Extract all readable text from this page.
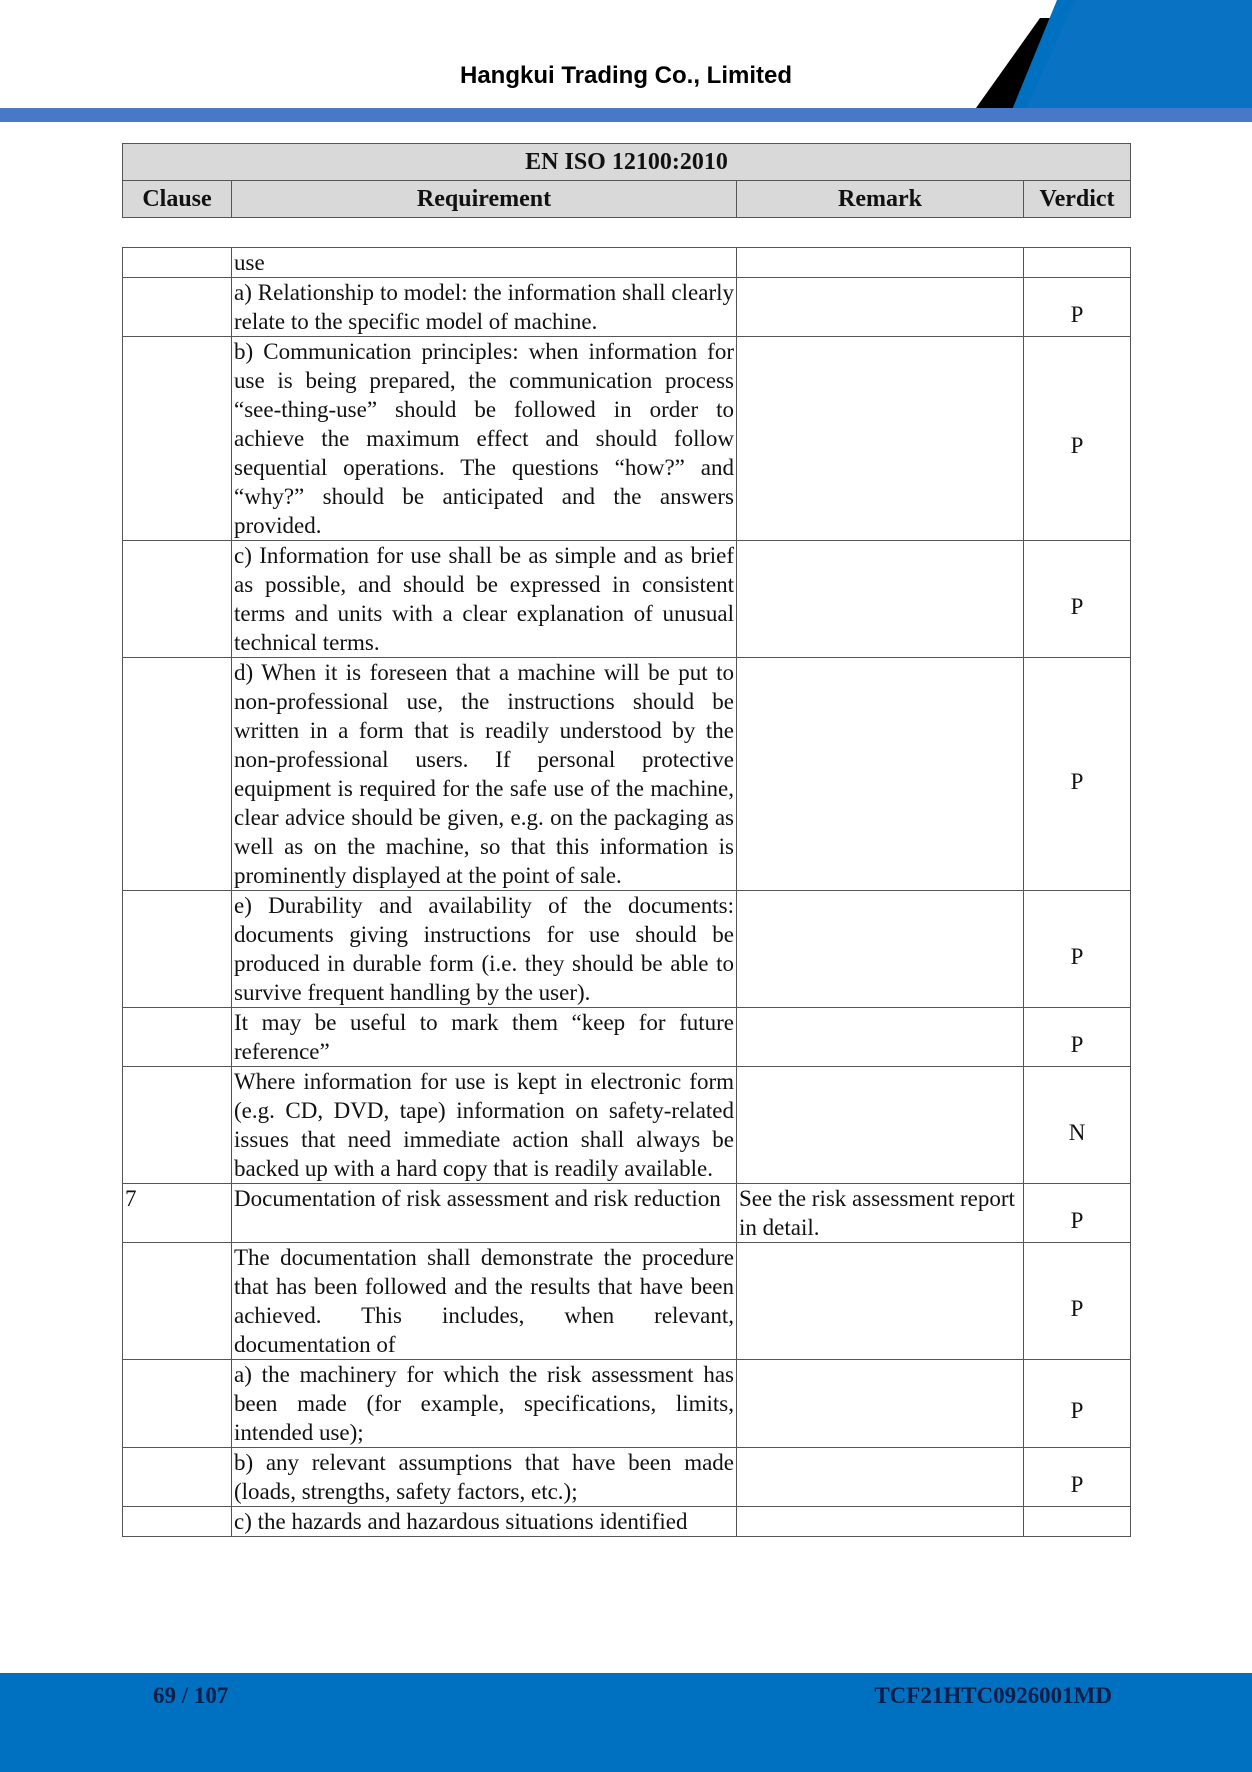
Hangkui Trading Co., Limited
EN ISO 12100:2010
Clause	Requirement	Remark	Verdict
	use		
	a) Relationship to model: the information shall clearly relate to the specific model of machine.		P
	b) Communication principles: when information for use is being prepared, the communication process “see-thing-use” should be followed in order to achieve the maximum effect and should follow sequential operations. The questions “how?” and “why?” should be anticipated and the answers provided.		P
	c) Information for use shall be as simple and as brief as possible, and should be expressed in consistent terms and units with a clear explanation of unusual technical terms.		P
	d) When it is foreseen that a machine will be put to non-professional use, the instructions should be written in a form that is readily understood by the non-professional users. If personal protective equipment is required for the safe use of the machine, clear advice should be given, e.g. on the packaging as well as on the machine, so that this information is prominently displayed at the point of sale.		P
	e) Durability and availability of the documents: documents giving instructions for use should be produced in durable form (i.e. they should be able to survive frequent handling by the user).		P
	It may be useful to mark them “keep for future reference”		P
	Where information for use is kept in electronic form (e.g. CD, DVD, tape) information on safety-related issues that need immediate action shall always be backed up with a hard copy that is readily available.		N
7	Documentation of risk assessment and risk reduction	See the risk assessment report in detail.	P
	The documentation shall demonstrate the procedure that has been followed and the results that have been achieved. This includes, when relevant, documentation of		P
	a) the machinery for which the risk assessment has been made (for example, specifications, limits, intended use);		P
	b) any relevant assumptions that have been made (loads, strengths, safety factors, etc.);		P
	c) the hazards and hazardous situations identified		
69 / 107	TCF21HTC0926001MD
